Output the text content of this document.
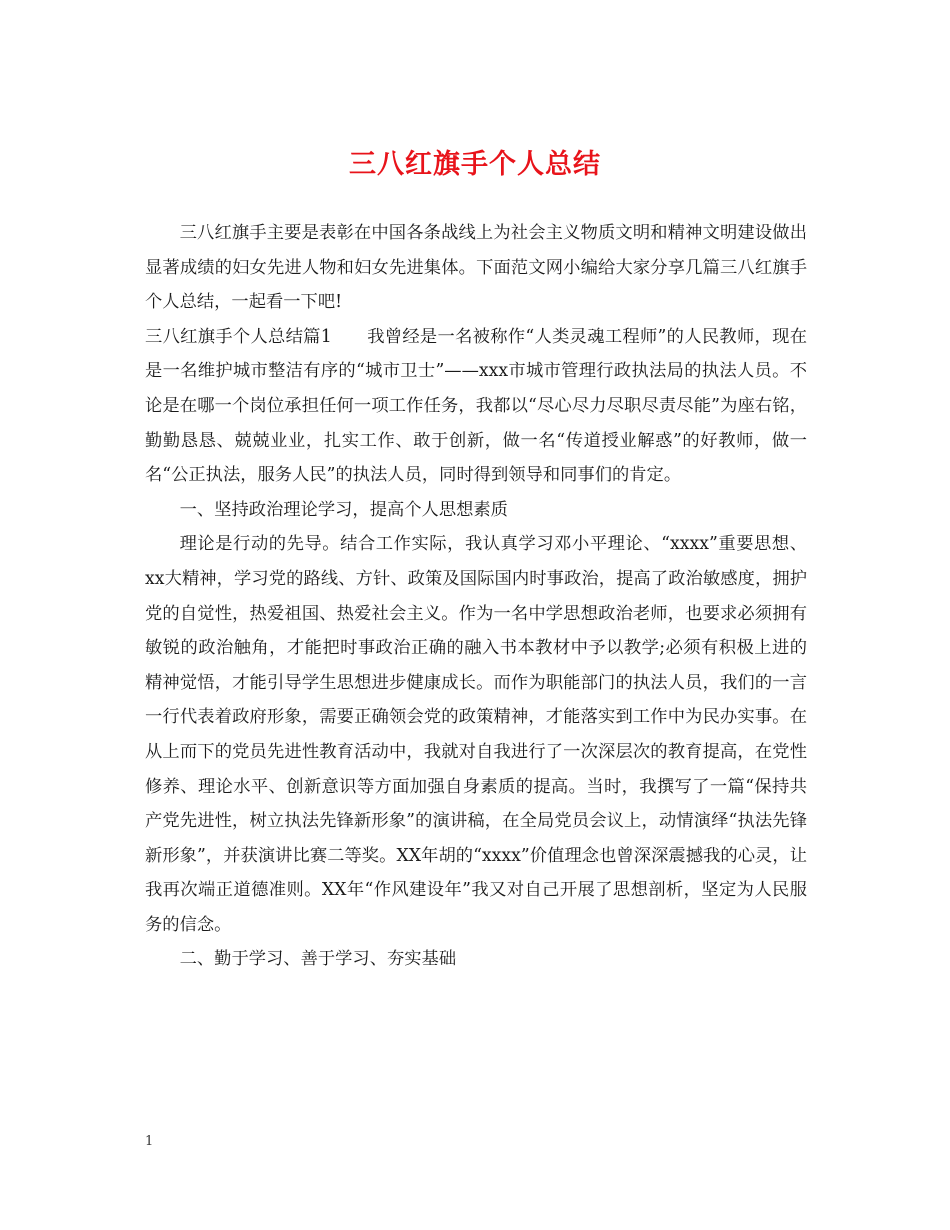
三八红旗手个人总结

三八红旗手主要是表彰在中国各条战线上为社会主义物质文明和精神文明建设做出显著成绩的妇女先进人物和妇女先进集体。下面范文网小编给大家分享几篇三八红旗手个人总结，一起看一下吧!

三八红旗手个人总结篇1　　我曾经是一名被称作“人类灵魂工程师”的人民教师，现在是一名维护城市整洁有序的“城市卫士”——xxx市城市管理行政执法局的执法人员。不论是在哪一个岗位承担任何一项工作任务，我都以“尽心尽力尽职尽责尽能”为座右铭，勤勤恳恳、兢兢业业，扎实工作、敢于创新，做一名“传道授业解惑”的好教师，做一名“公正执法，服务人民”的执法人员，同时得到领导和同事们的肯定。

一、坚持政治理论学习，提高个人思想素质

理论是行动的先导。结合工作实际，我认真学习邓小平理论、“xxxx”重要思想、xx大精神，学习党的路线、方针、政策及国际国内时事政治，提高了政治敏感度，拥护党的自觉性，热爱祖国、热爱社会主义。作为一名中学思想政治老师，也要求必须拥有敏锐的政治触角，才能把时事政治正确的融入书本教材中予以教学;必须有积极上进的精神觉悟，才能引导学生思想进步健康成长。而作为职能部门的执法人员，我们的一言一行代表着政府形象，需要正确领会党的政策精神，才能落实到工作中为民办实事。在从上而下的党员先进性教育活动中，我就对自我进行了一次深层次的教育提高，在党性修养、理论水平、创新意识等方面加强自身素质的提高。当时，我撰写了一篇“保持共产党先进性，树立执法先锋新形象”的演讲稿，在全局党员会议上，动情演绎“执法先锋新形象”，并获演讲比赛二等奖。XX年胡的“xxxx”价值理念也曾深深震撼我的心灵，让我再次端正道德准则。XX年“作风建设年”我又对自己开展了思想剖析，坚定为人民服务的信念。

二、勤于学习、善于学习、夯实基础

1
